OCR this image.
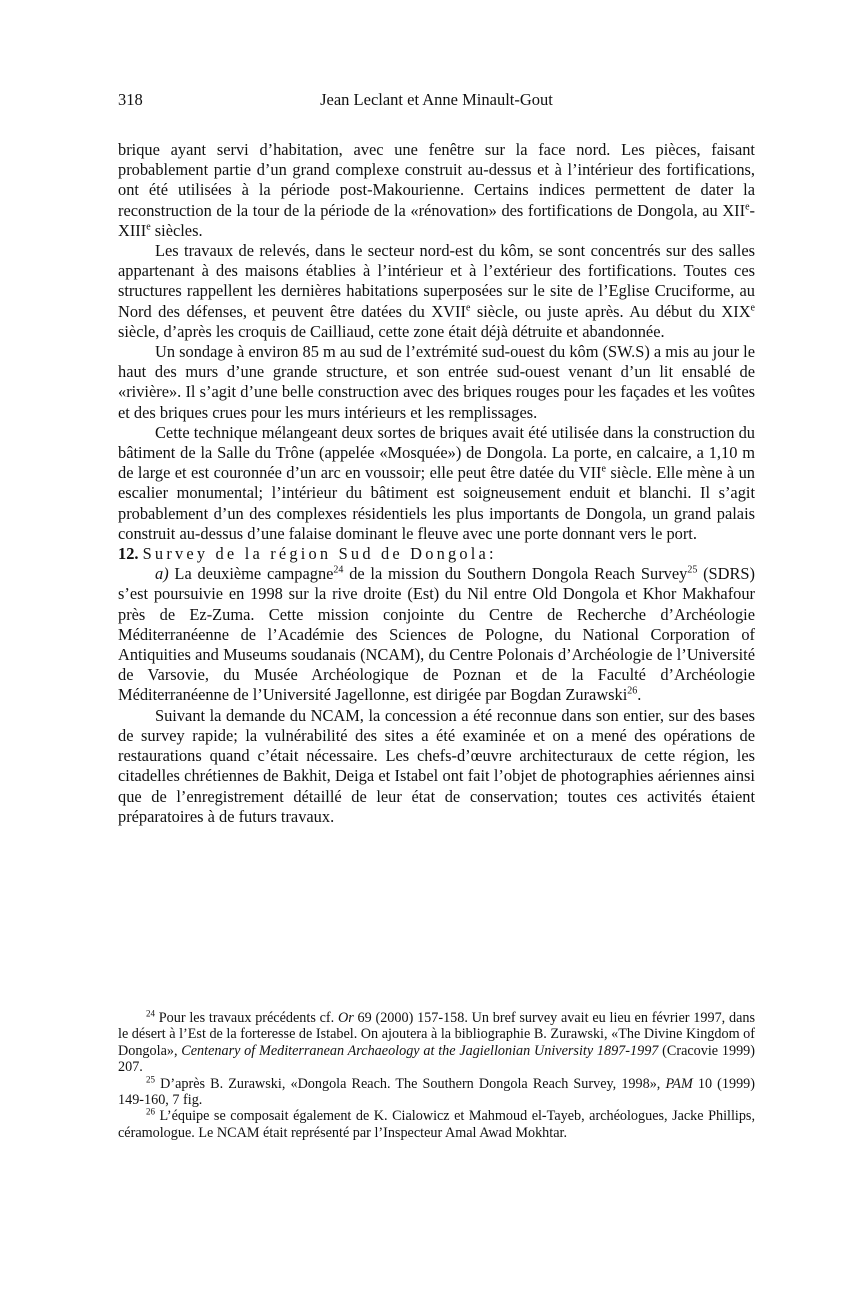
318	Jean Leclant et Anne Minault-Gout

brique ayant servi d’habitation, avec une fenêtre sur la face nord. Les pièces, faisant probablement partie d’un grand complexe construit au-dessus et à l’intérieur des fortifications, ont été utilisées à la période post-Makourienne. Certains indices permettent de dater la reconstruction de la tour de la période de la «rénovation» des fortifications de Dongola, au XIIe-XIIIe siècles.

Les travaux de relevés, dans le secteur nord-est du kôm, se sont concentrés sur des salles appartenant à des maisons établies à l’intérieur et à l’extérieur des fortifications. Toutes ces structures rappellent les dernières habitations superposées sur le site de l’Eglise Cruciforme, au Nord des défenses, et peuvent être datées du XVIIe siècle, ou juste après. Au début du XIXe siècle, d’après les croquis de Cailliaud, cette zone était déjà détruite et abandonnée.

Un sondage à environ 85 m au sud de l’extrémité sud-ouest du kôm (SW.S) a mis au jour le haut des murs d’une grande structure, et son entrée sud-ouest venant d’un lit ensablé de «rivière». Il s’agit d’une belle construction avec des briques rouges pour les façades et les voûtes et des briques crues pour les murs intérieurs et les remplissages.

Cette technique mélangeant deux sortes de briques avait été utilisée dans la construction du bâtiment de la Salle du Trône (appelée «Mosquée») de Dongola. La porte, en calcaire, a 1,10 m de large et est couronnée d’un arc en voussoir; elle peut être datée du VIIe siècle. Elle mène à un escalier monumental; l’intérieur du bâtiment est soigneusement enduit et blanchi. Il s’agit probablement d’un des complexes résidentiels les plus importants de Dongola, un grand palais construit au-dessus d’une falaise dominant le fleuve avec une porte donnant vers le port.

12. Survey de la région Sud de Dongola:

a) La deuxième campagne$^{24}$ de la mission du Southern Dongola Reach Survey$^{25}$ (SDRS) s’est poursuivie en 1998 sur la rive droite (Est) du Nil entre Old Dongola et Khor Makhafour près de Ez-Zuma. Cette mission conjointe du Centre de Recherche d’Archéologie Méditerranéenne de l’Académie des Sciences de Pologne, du National Corporation of Antiquities and Museums soudanais (NCAM), du Centre Polonais d’Archéologie de l’Université de Varsovie, du Musée Archéologique de Poznan et de la Faculté d’Archéologie Méditerranéenne de l’Université Jagellonne, est dirigée par Bogdan Zurawski$^{26}$.

Suivant la demande du NCAM, la concession a été reconnue dans son entier, sur des bases de survey rapide; la vulnérabilité des sites a été examinée et on a mené des opérations de restaurations quand c’était nécessaire. Les chefs-d’œuvre architecturaux de cette région, les citadelles chrétiennes de Bakhit, Deiga et Istabel ont fait l’objet de photographies aériennes ainsi que de l’enregistrement détaillé de leur état de conservation; toutes ces activités étaient préparatoires à de futurs travaux.

$^{24}$ Pour les travaux précédents cf. Or 69 (2000) 157-158. Un bref survey avait eu lieu en février 1997, dans le désert à l’Est de la forteresse de Istabel. On ajoutera à la bibliographie B. Zurawski, «The Divine Kingdom of Dongola», Centenary of Mediterranean Archaeology at the Jagiellonian University 1897-1997 (Cracovie 1999) 207.

$^{25}$ D’après B. Zurawski, «Dongola Reach. The Southern Dongola Reach Survey, 1998», PAM 10 (1999) 149-160, 7 fig.

$^{26}$ L’équipe se composait également de K. Cialowicz et Mahmoud el-Tayeb, archéologues, Jacke Phillips, céramologue. Le NCAM était représenté par l’Inspecteur Amal Awad Mokhtar.
